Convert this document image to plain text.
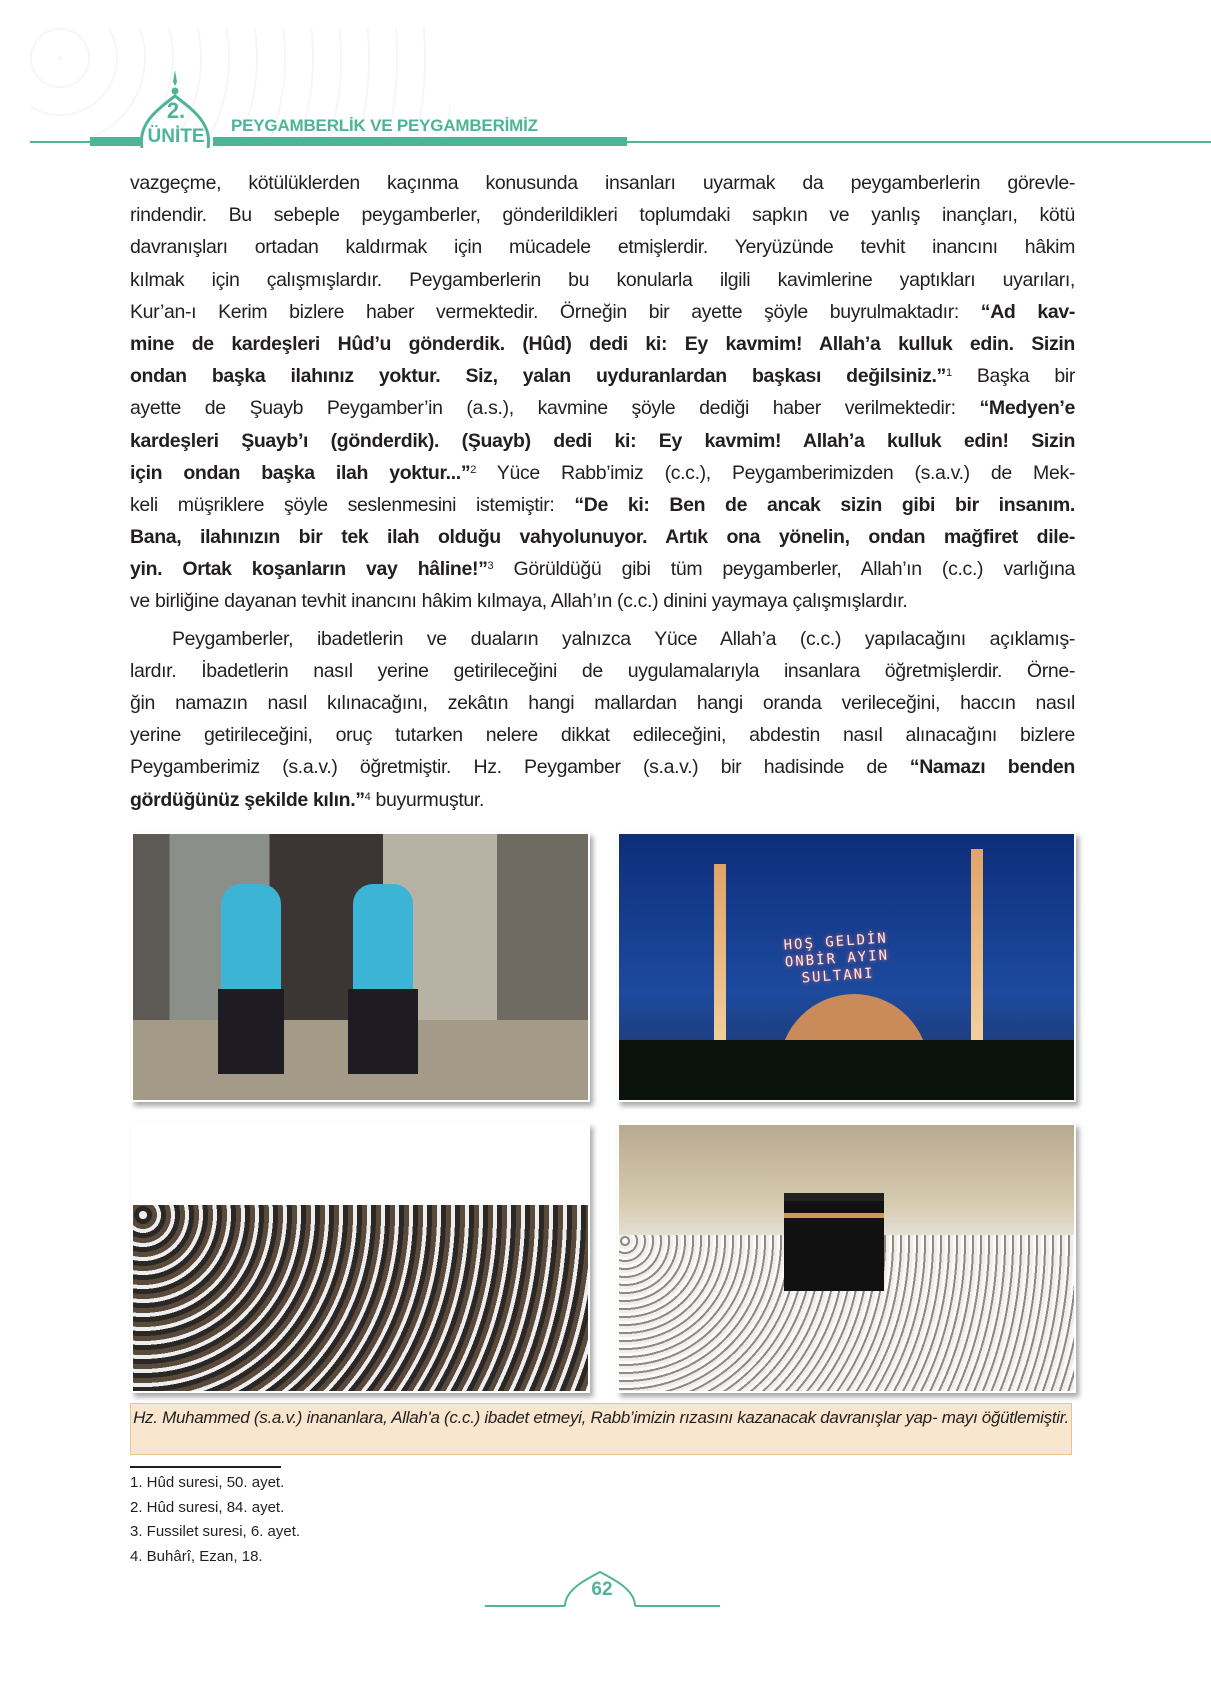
2.
ÜNİTE
PEYGAMBERLİK VE PEYGAMBERİMİZ
vazgeçme, kötülüklerden kaçınma konusunda insanları uyarmak da peygamberlerin görevle-
rindendir. Bu sebeple peygamberler, gönderildikleri toplumdaki sapkın ve yanlış inançları, kötü
davranışları ortadan kaldırmak için mücadele etmişlerdir. Yeryüzünde tevhit inancını hâkim
kılmak için çalışmışlardır. Peygamberlerin bu konularla ilgili kavimlerine yaptıkları uyarıları,
Kur’an-ı Kerim bizlere haber vermektedir. Örneğin bir ayette şöyle buyrulmaktadır: “Ad kav-
mine de kardeşleri Hûd’u gönderdik. (Hûd) dedi ki: Ey kavmim! Allah’a kulluk edin. Sizin
ondan başka ilahınız yoktur. Siz, yalan uyduranlardan başkası değilsiniz.”$^1$ Başka bir
ayette de Şuayb Peygamber’in (a.s.), kavmine şöyle dediği haber verilmektedir: “Medyen’e
kardeşleri Şuayb’ı (gönderdik). (Şuayb) dedi ki: Ey kavmim! Allah’a kulluk edin! Sizin
için ondan başka ilah yoktur...”$^2$ Yüce Rabb’imiz (c.c.), Peygamberimizden (s.a.v.) de Mek-
keli müşriklere şöyle seslenmesini istemiştir: “De ki: Ben de ancak sizin gibi bir insanım.
Bana, ilahınızın bir tek ilah olduğu vahyolunuyor. Artık ona yönelin, ondan mağfiret dile-
yin. Ortak koşanların vay hâline!”$^3$ Görüldüğü gibi tüm peygamberler, Allah’ın (c.c.) varlığına
ve birliğine dayanan tevhit inancını hâkim kılmaya, Allah’ın (c.c.) dinini yaymaya çalışmışlardır.
Peygamberler, ibadetlerin ve duaların yalnızca Yüce Allah’a (c.c.) yapılacağını açıklamış-
lardır. İbadetlerin nasıl yerine getirileceğini de uygulamalarıyla insanlara öğretmişlerdir. Örne-
ğin namazın nasıl kılınacağını, zekâtın hangi mallardan hangi oranda verileceğini, haccın nasıl
yerine getirileceğini, oruç tutarken nelere dikkat edileceğini, abdestin nasıl alınacağını bizlere
Peygamberimiz (s.a.v.) öğretmiştir. Hz. Peygamber (s.a.v.) bir hadisinde de “Namazı benden
gördüğünüz şekilde kılın.”$^4$ buyurmuştur.
HOŞ GELDİN
ONBİR AYIN
SULTANI
Hz. Muhammed (s.a.v.) inananlara, Allah'a (c.c.) ibadet etmeyi, Rabb’imizin rızasını kazanacak davranışlar yap- mayı öğütlemiştir.
1. Hûd suresi, 50. ayet.
2. Hûd suresi, 84. ayet.
3. Fussilet suresi, 6. ayet.
4. Buhârî, Ezan, 18.
62
